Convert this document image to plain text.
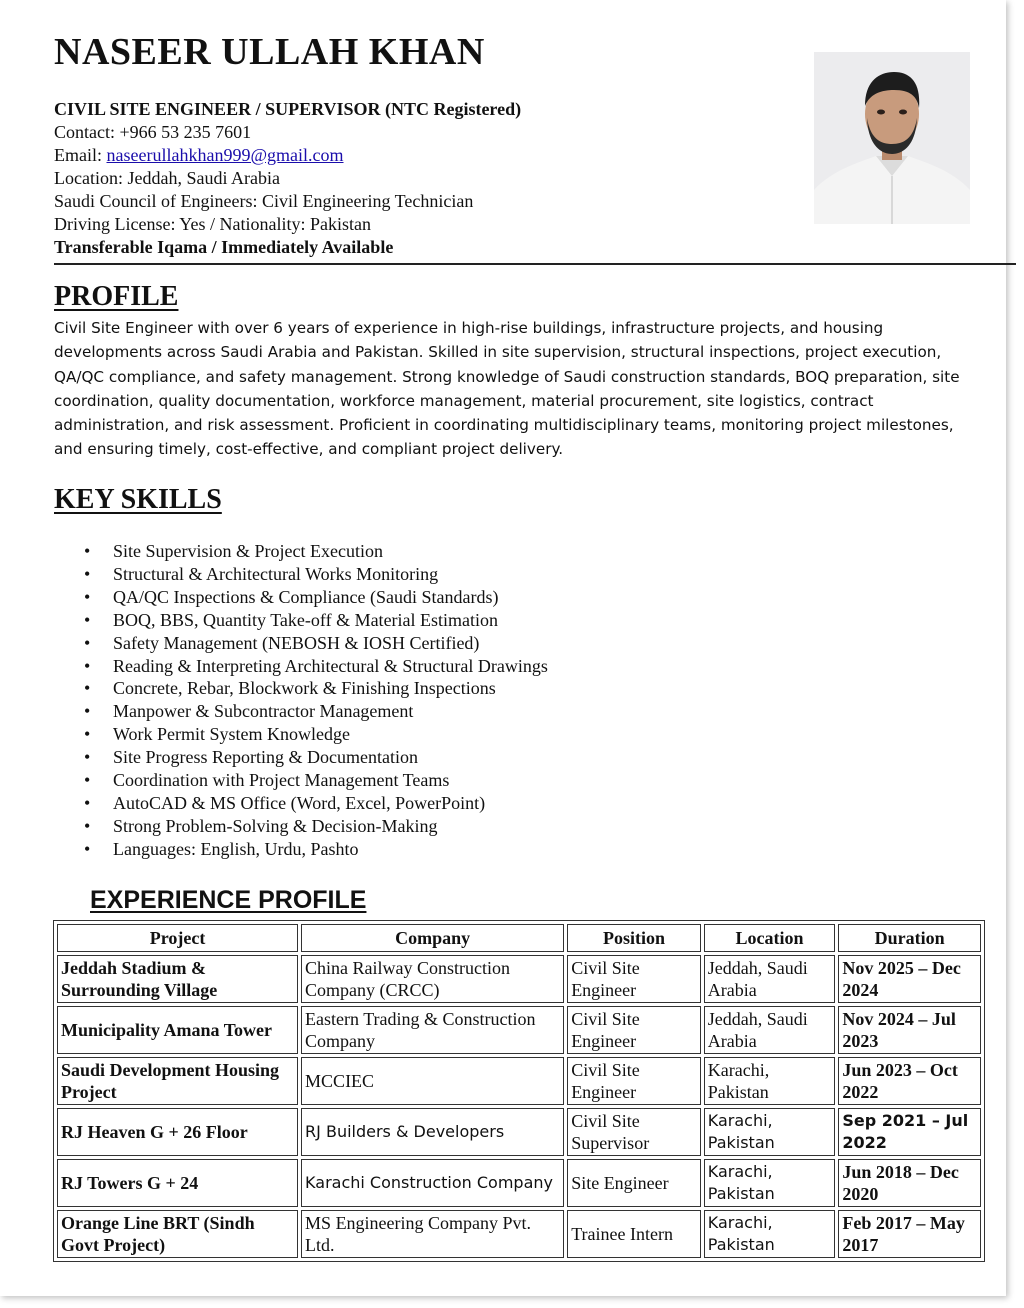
NASEER ULLAH KHAN
CIVIL SITE ENGINEER / SUPERVISOR (NTC Registered)
Contact: +966 53 235 7601
Email: naseerullahkhan999@gmail.com
Location: Jeddah, Saudi Arabia
Saudi Council of Engineers: Civil Engineering Technician
Driving License: Yes / Nationality: Pakistan
Transferable Iqama / Immediately Available
PROFILE

Civil Site Engineer with over 6 years of experience in high-rise buildings, infrastructure projects, and housing developments across Saudi Arabia and Pakistan. Skilled in site supervision, structural inspections, project execution, QA/QC compliance, and safety management. Strong knowledge of Saudi construction standards, BOQ preparation, site coordination, quality documentation, workforce management, material procurement, site logistics, contract administration, and risk assessment. Proficient in coordinating multidisciplinary teams, monitoring project milestones, and ensuring timely, cost-effective, and compliant project delivery.

KEY SKILLS
• Site Supervision & Project Execution
• Structural & Architectural Works Monitoring
• QA/QC Inspections & Compliance (Saudi Standards)
• BOQ, BBS, Quantity Take-off & Material Estimation
• Safety Management (NEBOSH & IOSH Certified)
• Reading & Interpreting Architectural & Structural Drawings
• Concrete, Rebar, Blockwork & Finishing Inspections
• Manpower & Subcontractor Management
• Work Permit System Knowledge
• Site Progress Reporting & Documentation
• Coordination with Project Management Teams
• AutoCAD & MS Office (Word, Excel, PowerPoint)
• Strong Problem-Solving & Decision-Making
• Languages: English, Urdu, Pashto
EXPERIENCE PROFILE
Project	Company	Position	Location	Duration
Jeddah Stadium & Surrounding Village	China Railway Construction Company (CRCC)	Civil Site Engineer	Jeddah, Saudi Arabia	Nov 2025 – Dec 2024
Municipality Amana Tower	Eastern Trading & Construction Company	Civil Site Engineer	Jeddah, Saudi Arabia	Nov 2024 – Jul 2023
Saudi Development Housing Project	MCCIEC	Civil Site Engineer	Karachi, Pakistan	Jun 2023 – Oct 2022
RJ Heaven G + 26 Floor	RJ Builders & Developers	Civil Site Supervisor	Karachi, Pakistan	Sep 2021 – Jul 2022
RJ Towers G + 24	Karachi Construction Company	Site Engineer	Karachi, Pakistan	Jun 2018 – Dec 2020
Orange Line BRT (Sindh Govt Project)	MS Engineering Company Pvt. Ltd.	Trainee Intern	Karachi, Pakistan	Feb 2017 – May 2017
